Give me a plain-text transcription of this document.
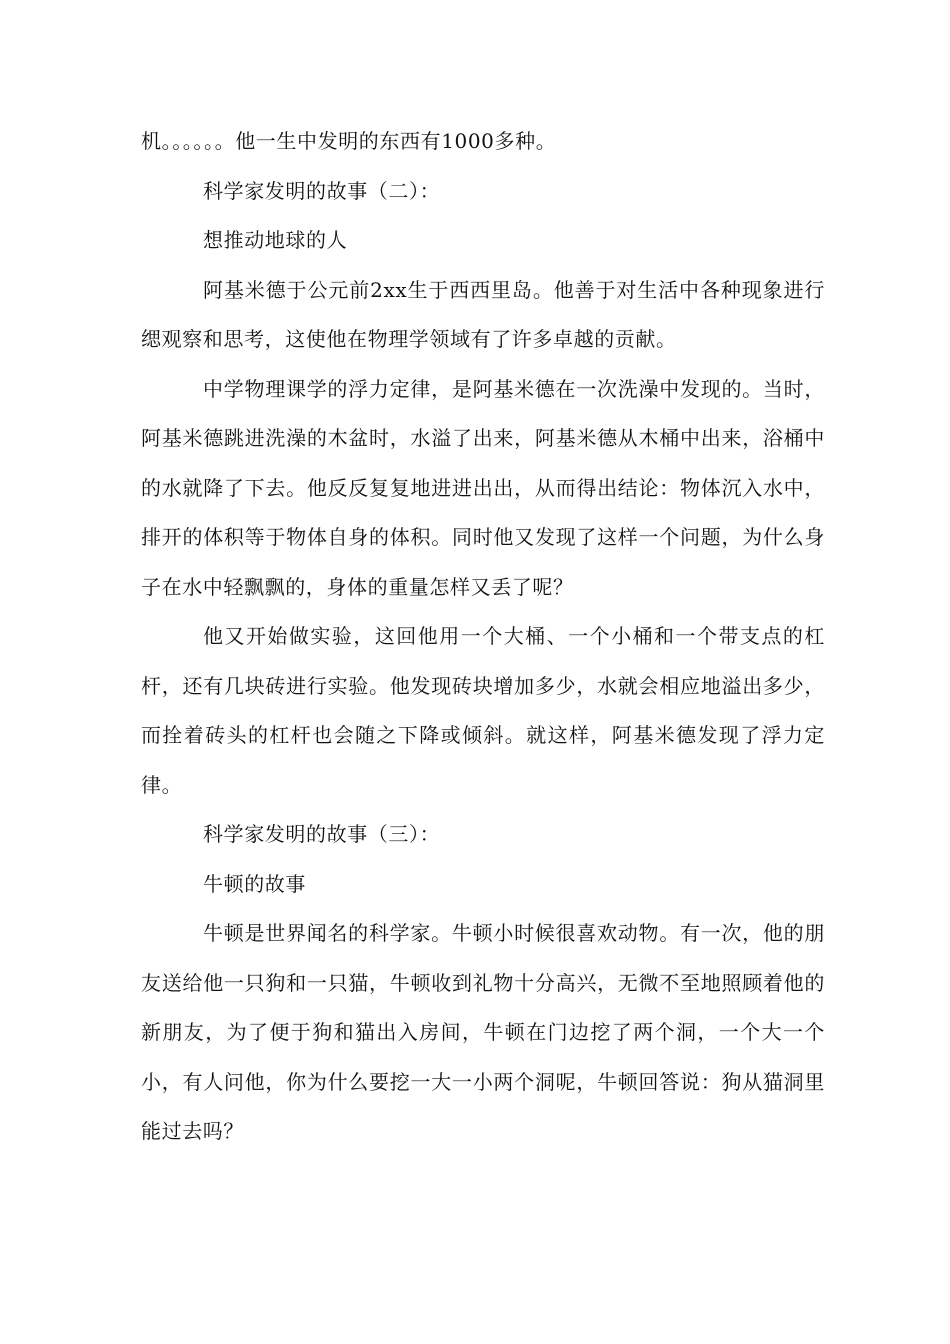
机。。。。。。他一生中发明的东西有1000多种。

科学家发明的故事（二）：

想推动地球的人

阿基米德于公元前2xx生于西西里岛。他善于对生活中各种现象进行缌观察和思考，这使他在物理学领域有了许多卓越的贡献。

中学物理课学的浮力定律，是阿基米德在一次洗澡中发现的。当时，阿基米德跳进洗澡的木盆时，水溢了出来，阿基米德从木桶中出来，浴桶中的水就降了下去。他反反复复地进进出出，从而得出结论：物体沉入水中，排开的体积等于物体自身的体积。同时他又发现了这样一个问题，为什么身子在水中轻飘飘的，身体的重量怎样又丢了呢？

他又开始做实验，这回他用一个大桶、一个小桶和一个带支点的杠杆，还有几块砖进行实验。他发现砖块增加多少，水就会相应地溢出多少，而拴着砖头的杠杆也会随之下降或倾斜。就这样，阿基米德发现了浮力定律。

科学家发明的故事（三）：

牛顿的故事

牛顿是世界闻名的科学家。牛顿小时候很喜欢动物。有一次，他的朋友送给他一只狗和一只猫，牛顿收到礼物十分高兴，无微不至地照顾着他的新朋友，为了便于狗和猫出入房间，牛顿在门边挖了两个洞，一个大一个小，有人问他，你为什么要挖一大一小两个洞呢，牛顿回答说：狗从猫洞里能过去吗？
